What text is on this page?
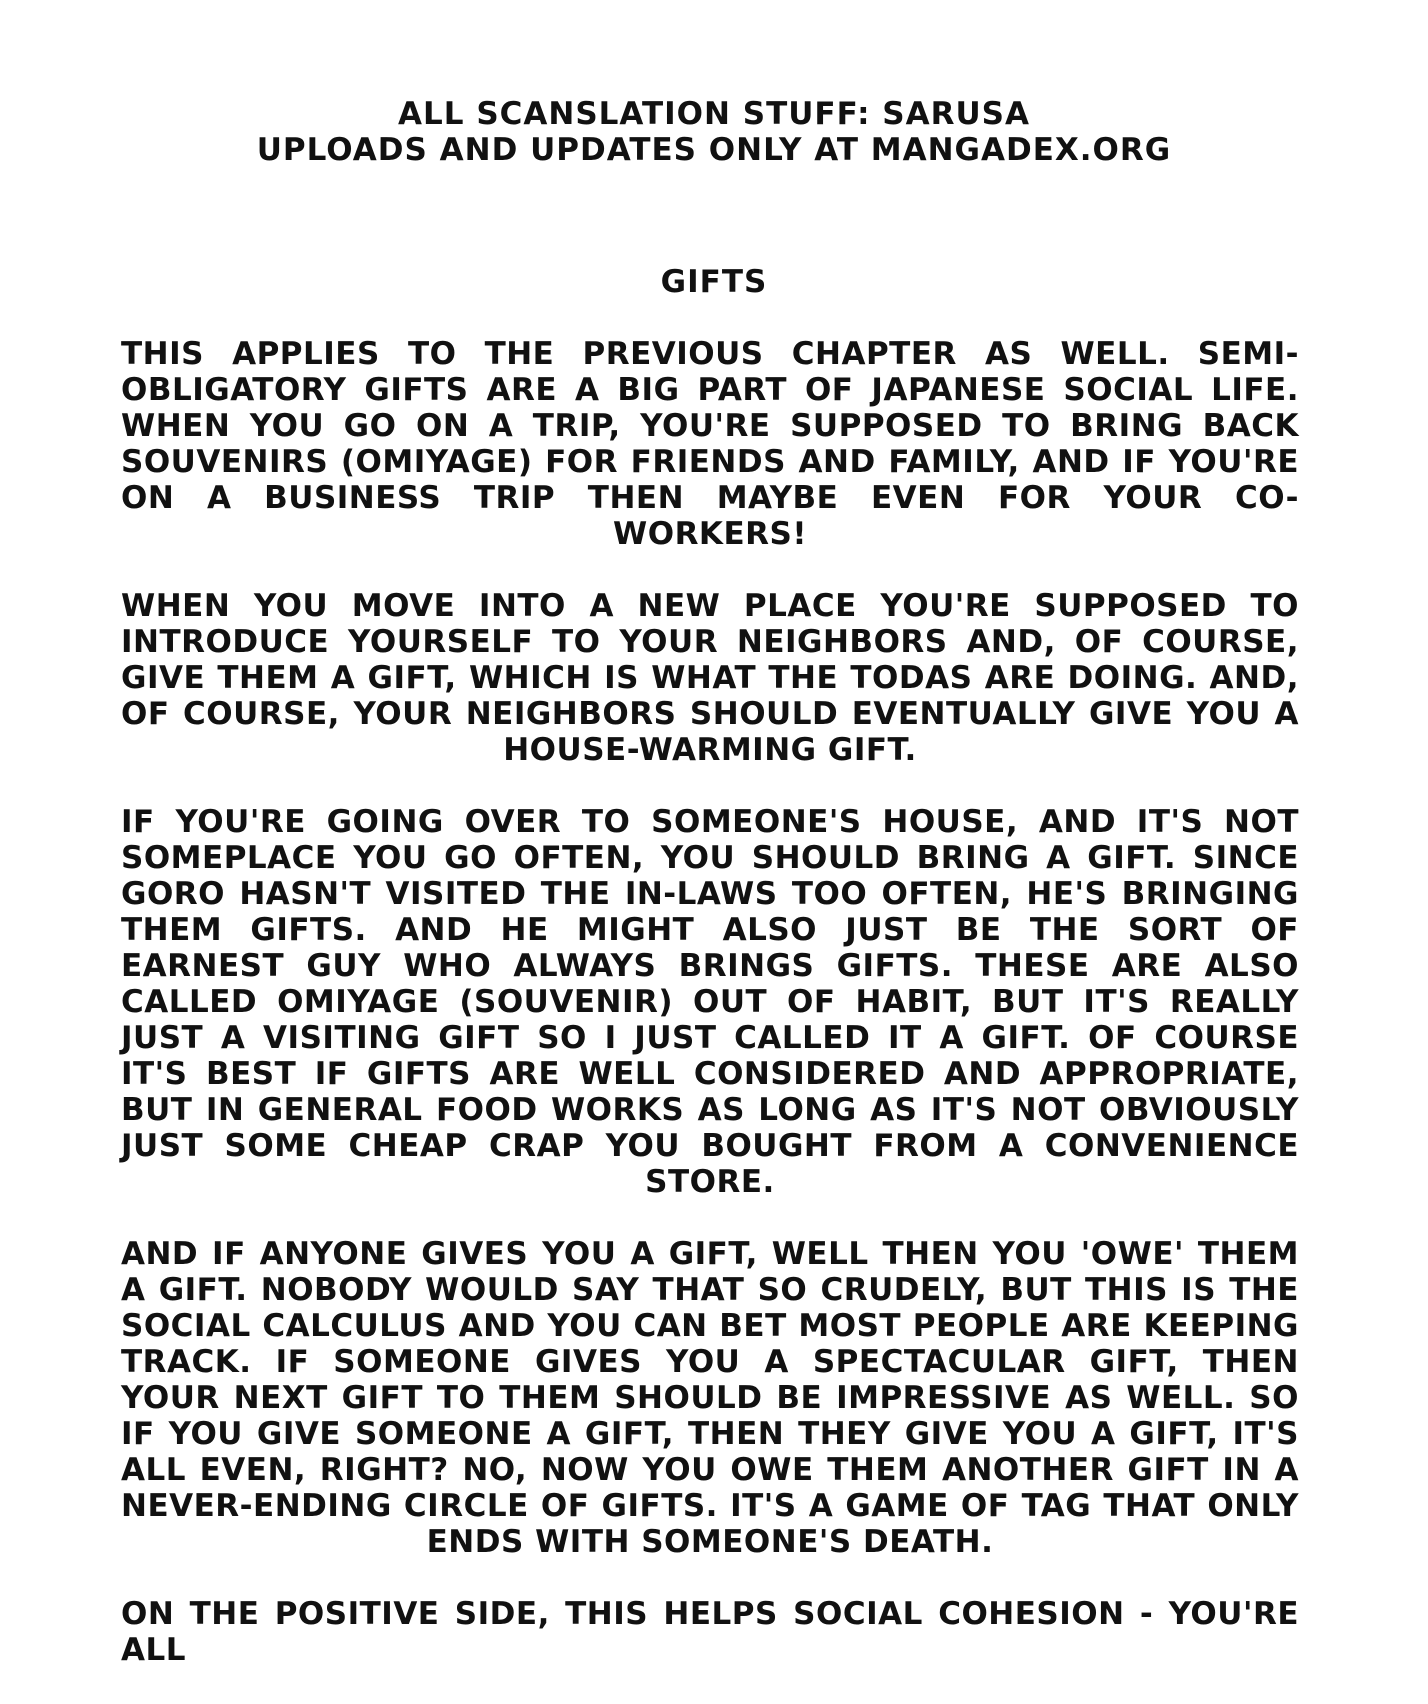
ALL SCANSLATION STUFF: SARUSA
UPLOADS AND UPDATES ONLY AT MANGADEX.ORG
GIFTS

THIS APPLIES TO THE PREVIOUS CHAPTER AS WELL. SEMI-OBLIGATORY GIFTS ARE A BIG PART OF JAPANESE SOCIAL LIFE. WHEN YOU GO ON A TRIP, YOU'RE SUPPOSED TO BRING BACK SOUVENIRS (OMIYAGE) FOR FRIENDS AND FAMILY, AND IF YOU'RE ON A BUSINESS TRIP THEN MAYBE EVEN FOR YOUR CO-WORKERS!

WHEN YOU MOVE INTO A NEW PLACE YOU'RE SUPPOSED TO INTRODUCE YOURSELF TO YOUR NEIGHBORS AND, OF COURSE, GIVE THEM A GIFT, WHICH IS WHAT THE TODAS ARE DOING. AND, OF COURSE, YOUR NEIGHBORS SHOULD EVENTUALLY GIVE YOU A HOUSE-WARMING GIFT.

IF YOU'RE GOING OVER TO SOMEONE'S HOUSE, AND IT'S NOT SOMEPLACE YOU GO OFTEN, YOU SHOULD BRING A GIFT. SINCE GORO HASN'T VISITED THE IN-LAWS TOO OFTEN, HE'S BRINGING THEM GIFTS. AND HE MIGHT ALSO JUST BE THE SORT OF EARNEST GUY WHO ALWAYS BRINGS GIFTS. THESE ARE ALSO CALLED OMIYAGE (SOUVENIR) OUT OF HABIT, BUT IT'S REALLY JUST A VISITING GIFT SO I JUST CALLED IT A GIFT. OF COURSE IT'S BEST IF GIFTS ARE WELL CONSIDERED AND APPROPRIATE, BUT IN GENERAL FOOD WORKS AS LONG AS IT'S NOT OBVIOUSLY JUST SOME CHEAP CRAP YOU BOUGHT FROM A CONVENIENCE STORE.

AND IF ANYONE GIVES YOU A GIFT, WELL THEN YOU 'OWE' THEM A GIFT. NOBODY WOULD SAY THAT SO CRUDELY, BUT THIS IS THE SOCIAL CALCULUS AND YOU CAN BET MOST PEOPLE ARE KEEPING TRACK. IF SOMEONE GIVES YOU A SPECTACULAR GIFT, THEN YOUR NEXT GIFT TO THEM SHOULD BE IMPRESSIVE AS WELL. SO IF YOU GIVE SOMEONE A GIFT, THEN THEY GIVE YOU A GIFT, IT'S ALL EVEN, RIGHT? NO, NOW YOU OWE THEM ANOTHER GIFT IN A NEVER-ENDING CIRCLE OF GIFTS. IT'S A GAME OF TAG THAT ONLY ENDS WITH SOMEONE'S DEATH.

ON THE POSITIVE SIDE, THIS HELPS SOCIAL COHESION - YOU'RE ALL
